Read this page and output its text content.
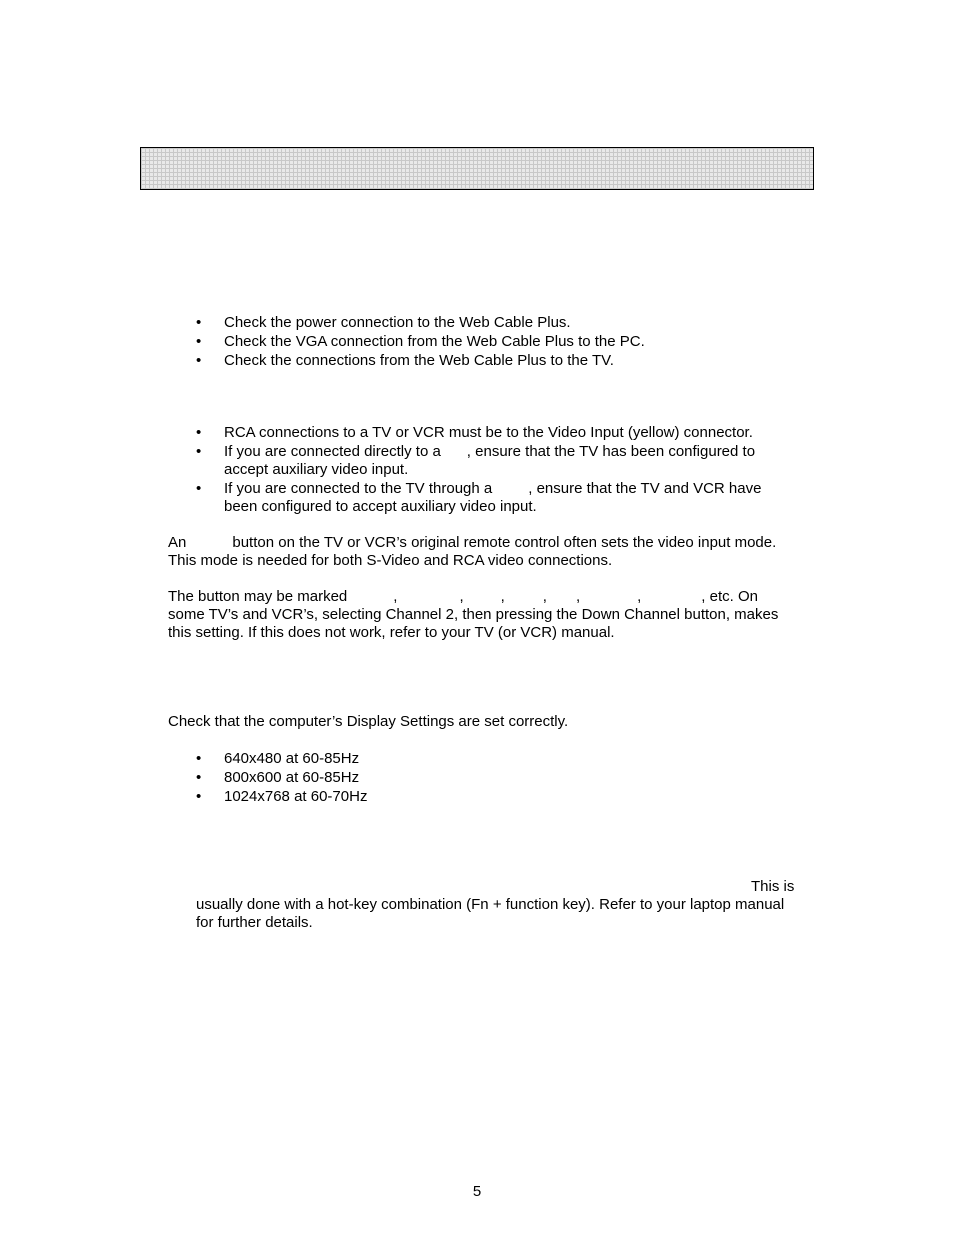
• Check the power connection to the Web Cable Plus.
• Check the VGA connection from the Web Cable Plus to the PC.
• Check the connections from the Web Cable Plus to the TV.
• RCA connections to a TV or VCR must be to the Video Input (yellow) connector.
• If you are connected directly to a , ensure that the TV has been configured to
accept auxiliary video input.
• If you are connected to the TV through a , ensure that the TV and VCR have
been configured to accept auxiliary video input.

An	button on the TV or VCR’s original remote control often sets the video input mode.
This mode is needed for both S-Video and RCA video connections.

The button may be marked	,	, ,	, ,	,	, etc. On
some TV’s and VCR’s, selecting Channel 2, then pressing the Down Channel button, makes
this setting. If this does not work, refer to your TV (or VCR) manual.

Check that the computer’s Display Settings are set correctly.

• 640x480 at 60-85Hz
• 800x600 at 60-85Hz
• 1024x768 at 60-70Hz

This is
usually done with a hot-key combination (Fn + function key). Refer to your laptop manual
for further details.

5
